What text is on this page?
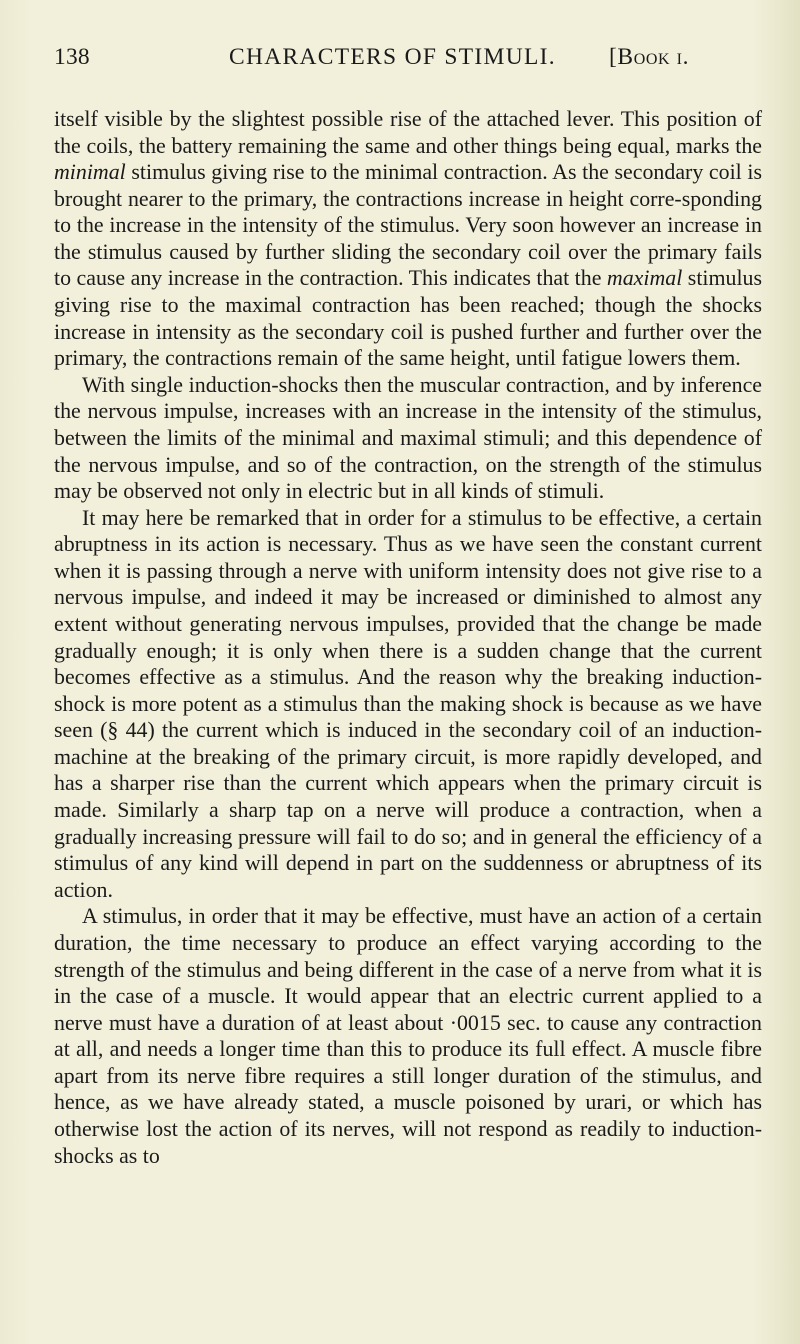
138	CHARACTERS OF STIMULI. [Book i.

itself visible by the slightest possible rise of the attached lever. This position of the coils, the battery remaining the same and other things being equal, marks the minimal stimulus giving rise to the minimal contraction. As the secondary coil is brought nearer to the primary, the contractions increase in height corre-sponding to the increase in the intensity of the stimulus. Very soon however an increase in the stimulus caused by further sliding the secondary coil over the primary fails to cause any increase in the contraction. This indicates that the maximal stimulus giving rise to the maximal contraction has been reached; though the shocks increase in intensity as the secondary coil is pushed further and further over the primary, the contractions remain of the same height, until fatigue lowers them.

With single induction-shocks then the muscular contraction, and by inference the nervous impulse, increases with an increase in the intensity of the stimulus, between the limits of the minimal and maximal stimuli; and this dependence of the nervous impulse, and so of the contraction, on the strength of the stimulus may be observed not only in electric but in all kinds of stimuli.

It may here be remarked that in order for a stimulus to be effective, a certain abruptness in its action is necessary. Thus as we have seen the constant current when it is passing through a nerve with uniform intensity does not give rise to a nervous impulse, and indeed it may be increased or diminished to almost any extent without generating nervous impulses, provided that the change be made gradually enough; it is only when there is a sudden change that the current becomes effective as a stimulus. And the reason why the breaking induction-shock is more potent as a stimulus than the making shock is because as we have seen (§ 44) the current which is induced in the secondary coil of an induction-machine at the breaking of the primary circuit, is more rapidly developed, and has a sharper rise than the current which appears when the primary circuit is made. Similarly a sharp tap on a nerve will produce a contraction, when a gradually increasing pressure will fail to do so; and in general the efficiency of a stimulus of any kind will depend in part on the suddenness or abruptness of its action.

A stimulus, in order that it may be effective, must have an action of a certain duration, the time necessary to produce an effect varying according to the strength of the stimulus and being different in the case of a nerve from what it is in the case of a muscle. It would appear that an electric current applied to a nerve must have a duration of at least about ·0015 sec. to cause any contraction at all, and needs a longer time than this to produce its full effect. A muscle fibre apart from its nerve fibre requires a still longer duration of the stimulus, and hence, as we have already stated, a muscle poisoned by urari, or which has otherwise lost the action of its nerves, will not respond as readily to induction-shocks as to
